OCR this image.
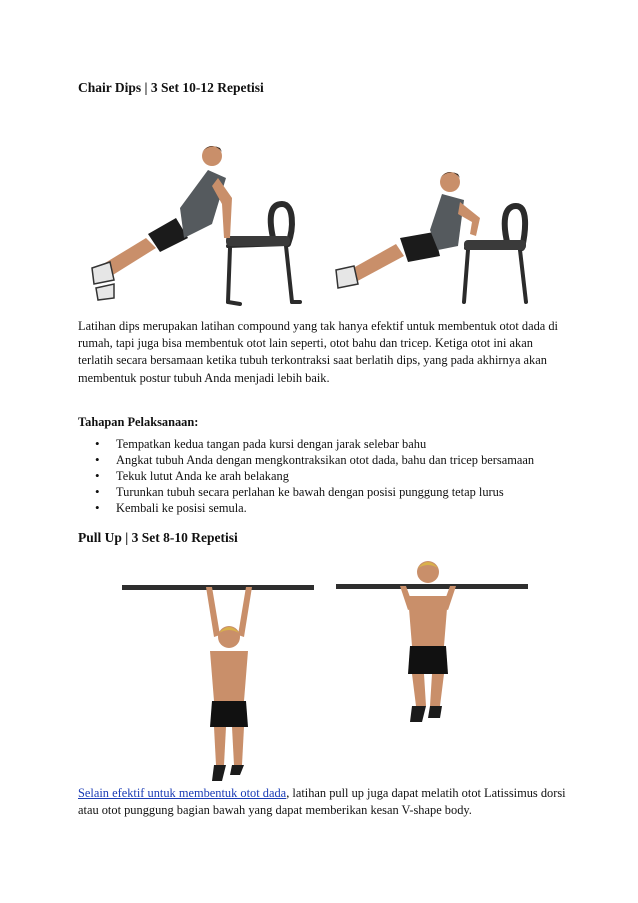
Chair Dips | 3 Set 10-12 Repetisi

Latihan dips merupakan latihan compound yang tak hanya efektif untuk membentuk otot dada di rumah, tapi juga bisa membentuk otot lain seperti, otot bahu dan tricep. Ketiga otot ini akan terlatih secara bersamaan ketika tubuh terkontraksi saat berlatih dips, yang pada akhirnya akan membentuk postur tubuh Anda menjadi lebih baik.

Tahapan Pelaksanaan:

• Tempatkan kedua tangan pada kursi dengan jarak selebar bahu
• Angkat tubuh Anda dengan mengkontraksikan otot dada, bahu dan tricep bersamaan
• Tekuk lutut Anda ke arah belakang
• Turunkan tubuh secara perlahan ke bawah dengan posisi punggung tetap lurus
• Kembali ke posisi semula.
Pull Up | 3 Set 8-10 Repetisi

Selain efektif untuk membentuk otot dada, latihan pull up juga dapat melatih otot Latissimus dorsi atau otot punggung bagian bawah yang dapat memberikan kesan V-shape body.
